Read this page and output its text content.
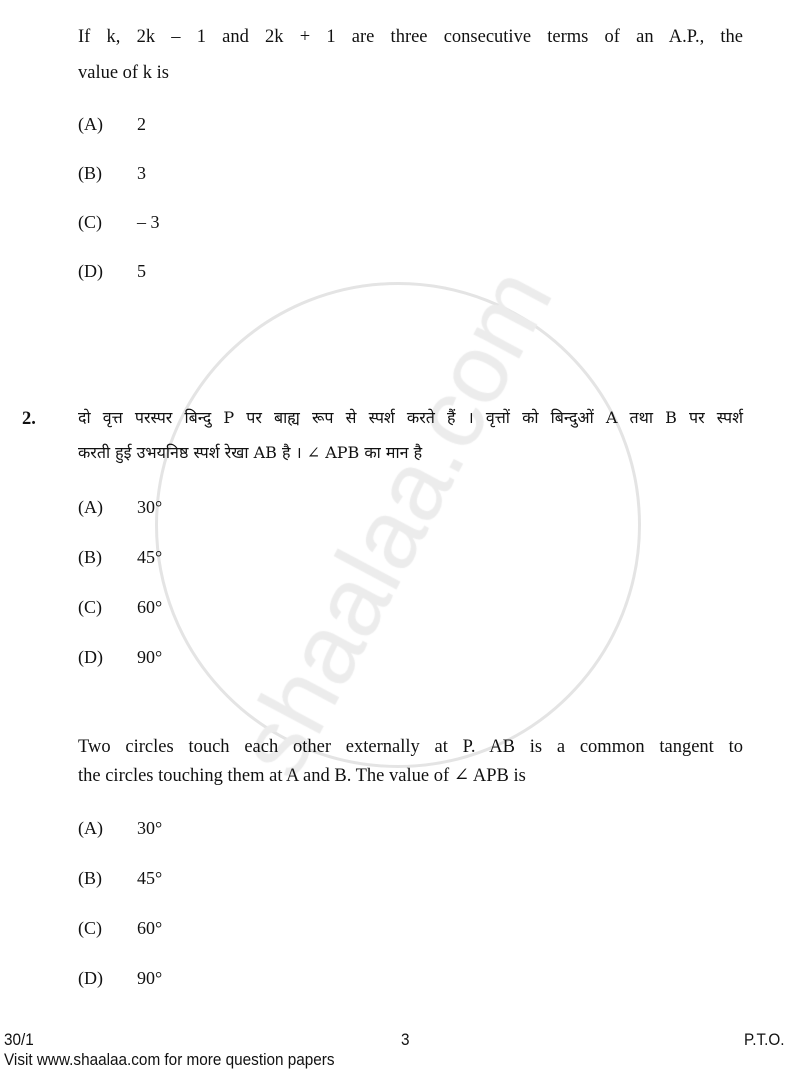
If k, 2k – 1 and 2k + 1 are three consecutive terms of an A.P., the
value of k is
(A) 2
(B) 3
(C) – 3
(D) 5
2.	दो वृत्त परस्पर बिन्दु P पर बाह्य रूप से स्पर्श करते हैं । वृत्तों को बिन्दुओं A तथा B पर स्पर्श
करती हुई उभयनिष्ठ स्पर्श रेखा AB है । ∠ APB का मान है
(A) 30°
(B) 45°
(C) 60°
(D) 90°
Two circles touch each other externally at P. AB is a common tangent to
the circles touching them at A and B. The value of ∠ APB is
(A) 30°
(B) 45°
(C) 60°
(D) 90°
30/1	3	P.T.O.
Visit www.shaalaa.com for more question papers
